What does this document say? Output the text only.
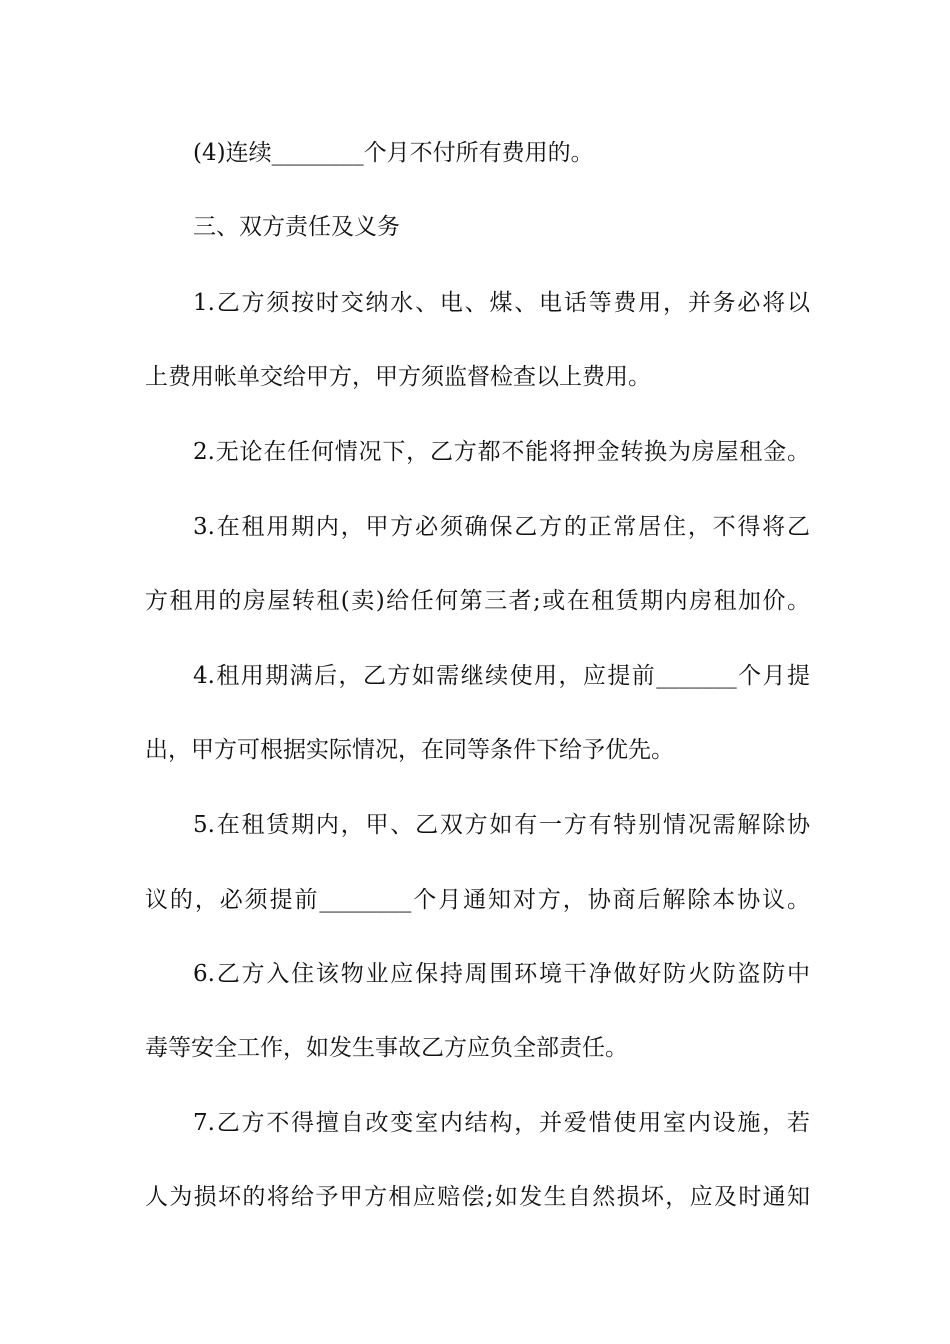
(4)连续________个月不付所有费用的。
三、双方责任及义务
1.乙方须按时交纳水、电、煤、电话等费用，并务必将以
上费用帐单交给甲方，甲方须监督检查以上费用。
2.无论在任何情况下，乙方都不能将押金转换为房屋租金。
3.在租用期内，甲方必须确保乙方的正常居住，不得将乙
方租用的房屋转租(卖)给任何第三者;或在租赁期内房租加价。
4.租用期满后，乙方如需继续使用，应提前_______个月提
出，甲方可根据实际情况，在同等条件下给予优先。
5.在租赁期内，甲、乙双方如有一方有特别情况需解除协
议的，必须提前________个月通知对方，协商后解除本协议。
6.乙方入住该物业应保持周围环境干净做好防火防盗防中
毒等安全工作，如发生事故乙方应负全部责任。
7.乙方不得擅自改变室内结构，并爱惜使用室内设施，若
人为损坏的将给予甲方相应赔偿;如发生自然损坏，应及时通知
